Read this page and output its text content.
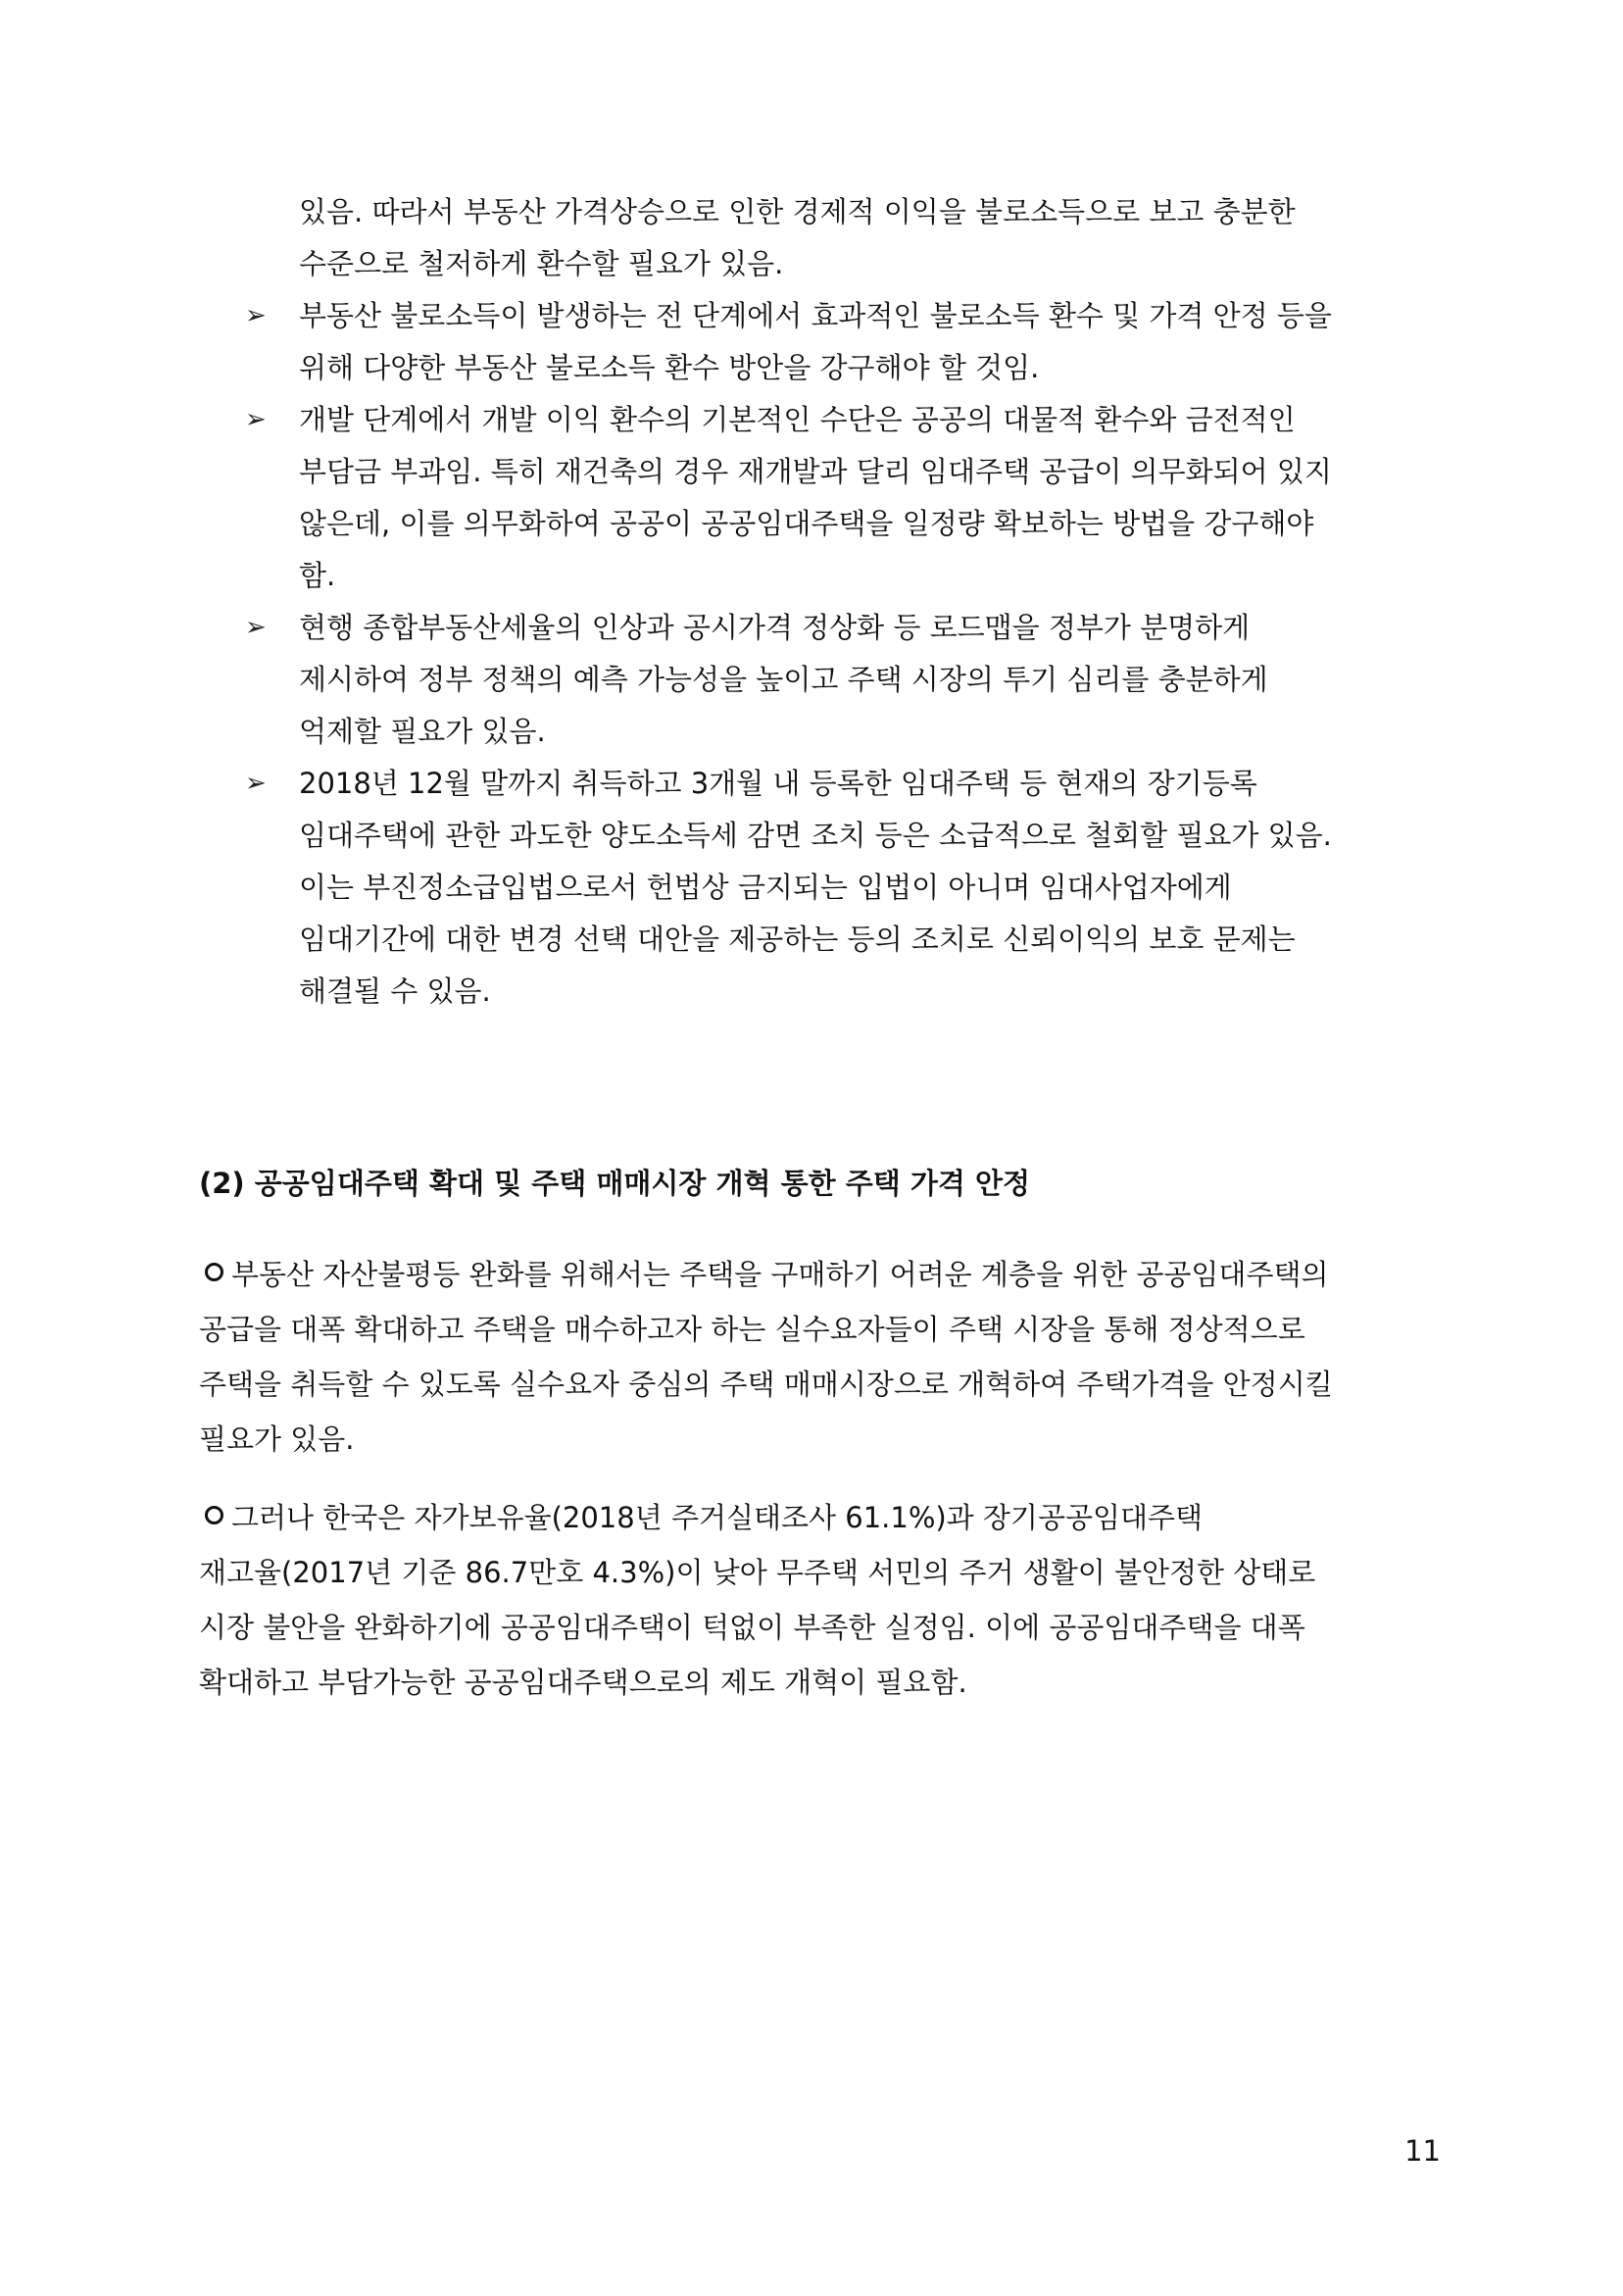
있음. 따라서 부동산 가격상승으로 인한 경제적 이익을 불로소득으로 보고 충분한
수준으로 철저하게 환수할 필요가 있음.
➢ 부동산 불로소득이 발생하는 전 단계에서 효과적인 불로소득 환수 및 가격 안정 등을
위해 다양한 부동산 불로소득 환수 방안을 강구해야 할 것임.
➢ 개발 단계에서 개발 이익 환수의 기본적인 수단은 공공의 대물적 환수와 금전적인
부담금 부과임. 특히 재건축의 경우 재개발과 달리 임대주택 공급이 의무화되어 있지
않은데, 이를 의무화하여 공공이 공공임대주택을 일정량 확보하는 방법을 강구해야
함.
➢ 현행 종합부동산세율의 인상과 공시가격 정상화 등 로드맵을 정부가 분명하게
제시하여 정부 정책의 예측 가능성을 높이고 주택 시장의 투기 심리를 충분하게
억제할 필요가 있음.
➢ 2018년 12월 말까지 취득하고 3개월 내 등록한 임대주택 등 현재의 장기등록
임대주택에 관한 과도한 양도소득세 감면 조치 등은 소급적으로 철회할 필요가 있음.
이는 부진정소급입법으로서 헌법상 금지되는 입법이 아니며 임대사업자에게
임대기간에 대한 변경 선택 대안을 제공하는 등의 조치로 신뢰이익의 보호 문제는
해결될 수 있음.
(2) 공공임대주택 확대 및 주택 매매시장 개혁 통한 주택 가격 안정
부동산 자산불평등 완화를 위해서는 주택을 구매하기 어려운 계층을 위한 공공임대주택의
공급을 대폭 확대하고 주택을 매수하고자 하는 실수요자들이 주택 시장을 통해 정상적으로
주택을 취득할 수 있도록 실수요자 중심의 주택 매매시장으로 개혁하여 주택가격을 안정시킬
필요가 있음.
그러나 한국은 자가보유율(2018년 주거실태조사 61.1%)과 장기공공임대주택
재고율(2017년 기준 86.7만호 4.3%)이 낮아 무주택 서민의 주거 생활이 불안정한 상태로
시장 불안을 완화하기에 공공임대주택이 턱없이 부족한 실정임. 이에 공공임대주택을 대폭
확대하고 부담가능한 공공임대주택으로의 제도 개혁이 필요함.
11
